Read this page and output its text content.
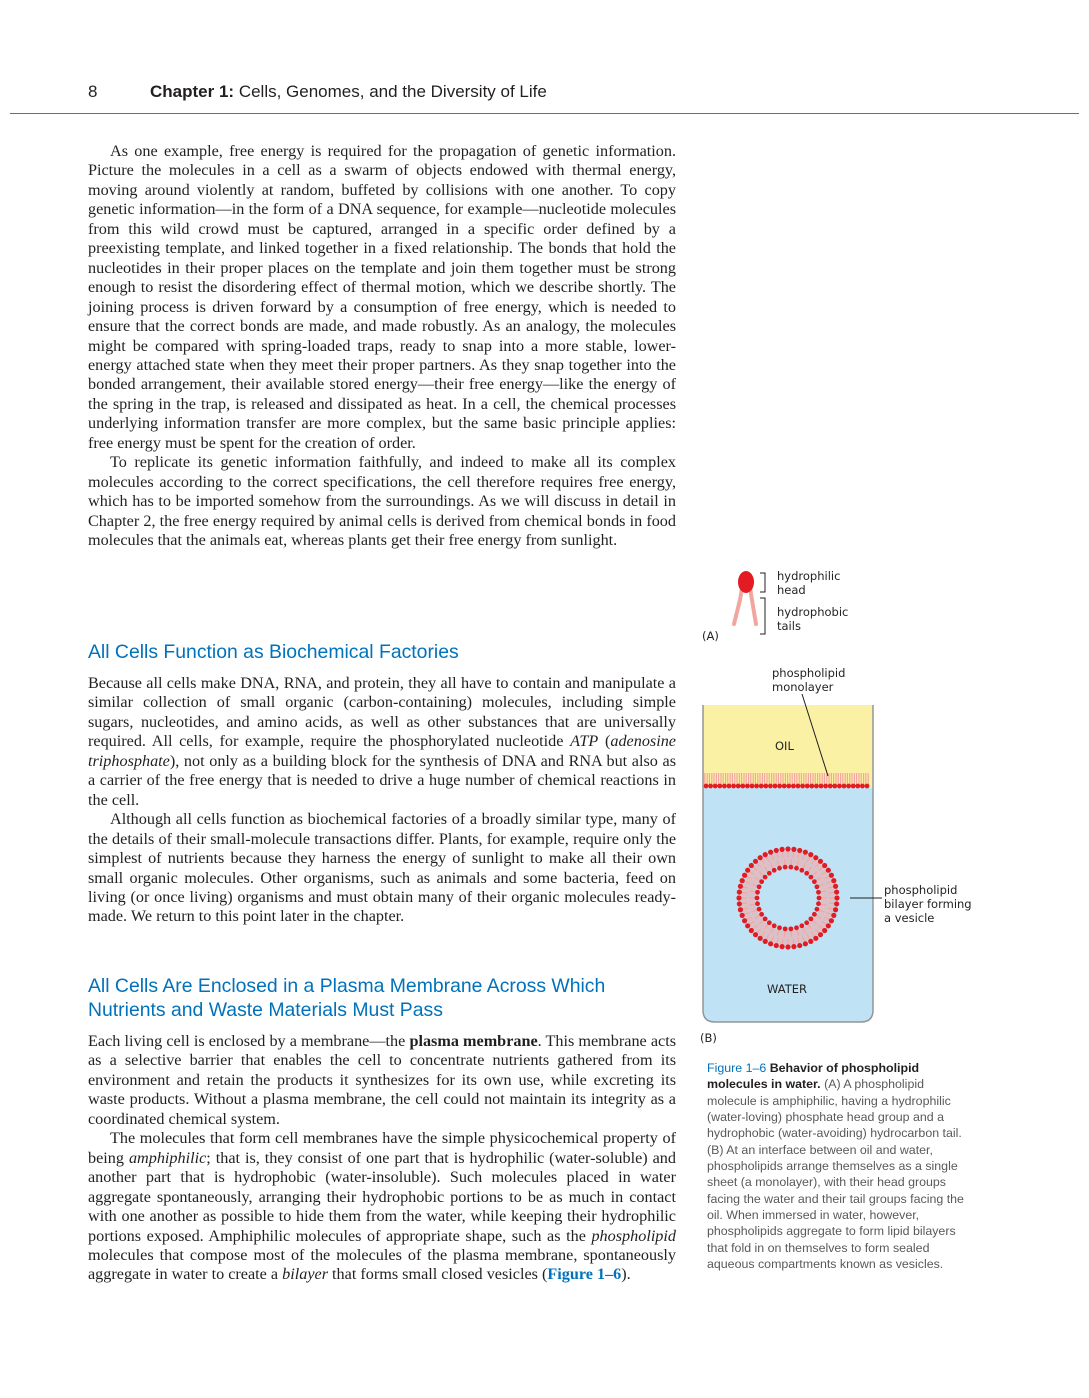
8	Chapter 1: Cells, Genomes, and the Diversity of Life

As one example, free energy is required for the propagation of genetic information. Picture the molecules in a cell as a swarm of objects endowed with thermal energy, moving around violently at random, buffeted by collisions with one another. To copy genetic information—in the form of a DNA sequence, for example—nucleotide molecules from this wild crowd must be captured, arranged in a specific order defined by a preexisting template, and linked together in a fixed relationship. The bonds that hold the nucleotides in their proper places on the template and join them together must be strong enough to resist the disordering effect of thermal motion, which we describe shortly. The joining process is driven forward by a consumption of free energy, which is needed to ensure that the correct bonds are made, and made robustly. As an analogy, the molecules might be compared with spring-loaded traps, ready to snap into a more stable, lower-energy attached state when they meet their proper partners. As they snap together into the bonded arrangement, their available stored energy—their free energy—like the energy of the spring in the trap, is released and dissipated as heat. In a cell, the chemical processes underlying information transfer are more complex, but the same basic principle applies: free energy must be spent for the creation of order.

To replicate its genetic information faithfully, and indeed to make all its complex molecules according to the correct specifications, the cell therefore requires free energy, which has to be imported somehow from the surroundings. As we will discuss in detail in Chapter 2, the free energy required by animal cells is derived from chemical bonds in food molecules that the animals eat, whereas plants get their free energy from sunlight.

All Cells Function as Biochemical Factories

Because all cells make DNA, RNA, and protein, they all have to contain and manipulate a similar collection of small organic (carbon-containing) molecules, including simple sugars, nucleotides, and amino acids, as well as other substances that are universally required. All cells, for example, require the phosphorylated nucleotide ATP (adenosine triphosphate), not only as a building block for the synthesis of DNA and RNA but also as a carrier of the free energy that is needed to drive a huge number of chemical reactions in the cell.

Although all cells function as biochemical factories of a broadly similar type, many of the details of their small-molecule transactions differ. Plants, for example, require only the simplest of nutrients because they harness the energy of sunlight to make all their own small organic molecules. Other organisms, such as animals and some bacteria, feed on living (or once living) organisms and must obtain many of their organic molecules ready-made. We return to this point later in the chapter.

All Cells Are Enclosed in a Plasma Membrane Across Which
Nutrients and Waste Materials Must Pass

Each living cell is enclosed by a membrane—the plasma membrane. This membrane acts as a selective barrier that enables the cell to concentrate nutrients gathered from its environment and retain the products it synthesizes for its own use, while excreting its waste products. Without a plasma membrane, the cell could not maintain its integrity as a coordinated chemical system.

The molecules that form cell membranes have the simple physicochemical property of being amphiphilic; that is, they consist of one part that is hydrophilic (water-soluble) and another part that is hydrophobic (water-insoluble). Such molecules placed in water aggregate spontaneously, arranging their hydrophobic portions to be as much in contact with one another as possible to hide them from the water, while keeping their hydrophilic portions exposed. Amphiphilic molecules of appropriate shape, such as the phospholipid molecules that compose most of the molecules of the plasma membrane, spontaneously aggregate in water to create a bilayer that forms small closed vesicles (Figure 1–6).

(A)
hydrophilic
head
hydrophobic
tails
phospholipid
monolayer
OIL
WATER
phospholipid
bilayer forming
a vesicle
(B)
Figure 1–6 Behavior of phospholipid molecules in water. (A) A phospholipid molecule is amphiphilic, having a hydrophilic (water-loving) phosphate head group and a hydrophobic (water-avoiding) hydrocarbon tail. (B) At an interface between oil and water, phospholipids arrange themselves as a single sheet (a monolayer), with their head groups facing the water and their tail groups facing the oil. When immersed in water, however, phospholipids aggregate to form lipid bilayers that fold in on themselves to form sealed aqueous compartments known as vesicles.
